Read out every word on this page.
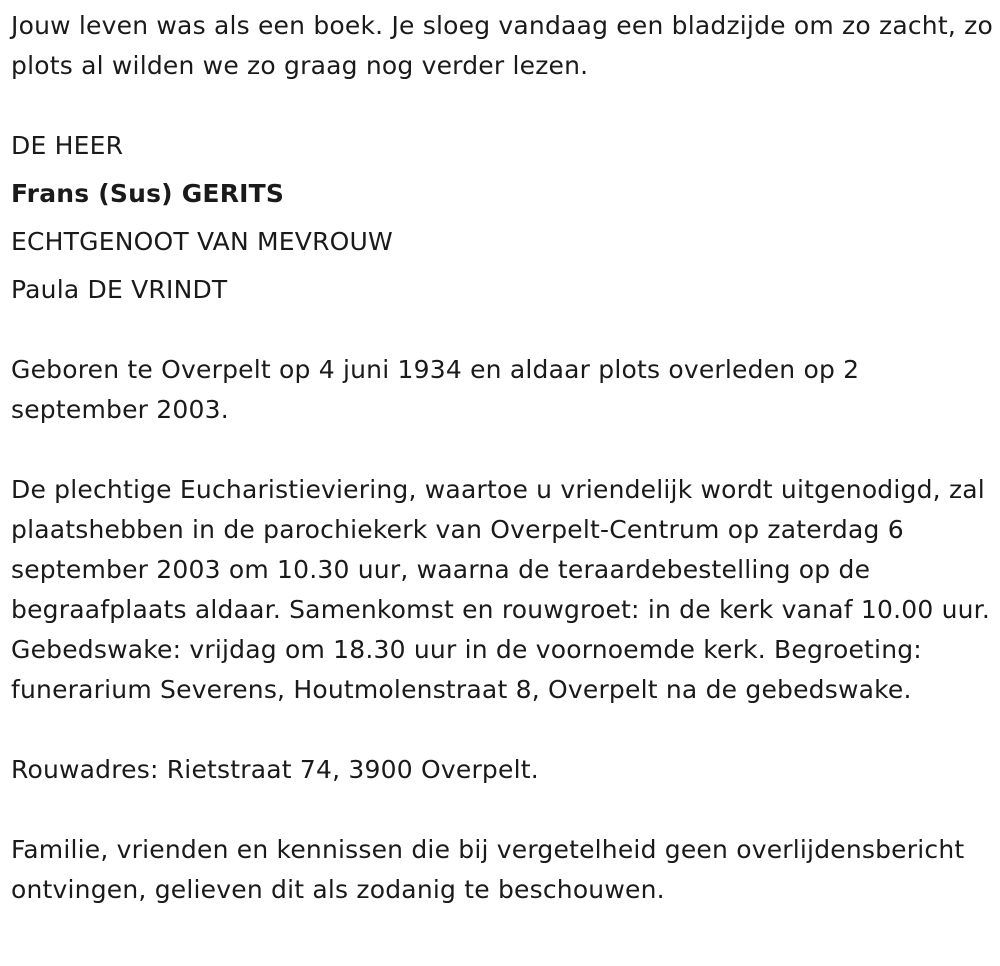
Jouw leven was als een boek. Je sloeg vandaag een bladzijde om zo zacht, zo plots al wilden we zo graag nog verder lezen.

DE HEER
Frans (Sus) GERITS
ECHTGENOOT VAN MEVROUW
Paula DE VRINDT

Geboren te Overpelt op 4 juni 1934 en aldaar plots overleden op 2 september 2003.

De plechtige Eucharistieviering, waartoe u vriendelijk wordt uitgenodigd, zal plaatshebben in de parochiekerk van Overpelt-Centrum op zaterdag 6 september 2003 om 10.30 uur, waarna de teraardebestelling op de begraafplaats aldaar. Samenkomst en rouwgroet: in de kerk vanaf 10.00 uur. Gebedswake: vrijdag om 18.30 uur in de voornoemde kerk. Begroeting: funerarium Severens, Houtmolenstraat 8, Overpelt na de gebedswake.

Rouwadres: Rietstraat 74, 3900 Overpelt.

Familie, vrienden en kennissen die bij vergetelheid geen overlijdensbericht ontvingen, gelieven dit als zodanig te beschouwen.
